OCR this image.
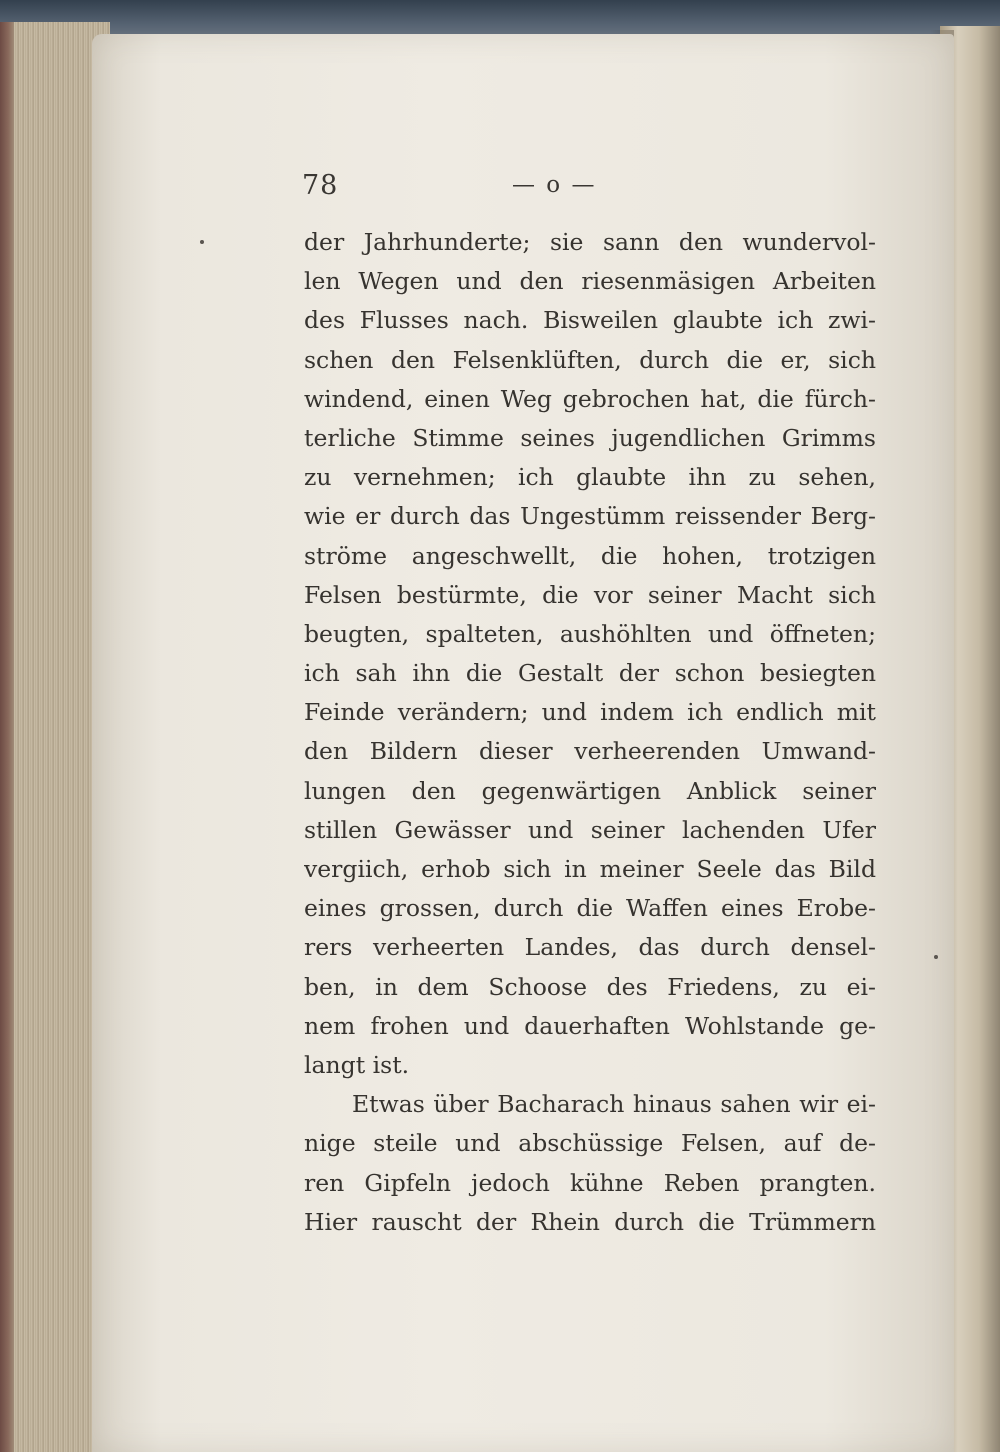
78	— o —
der Jahrhunderte; sie sann den wundervol-
len Wegen und den riesenmäsigen Arbeiten
des Flusses nach. Bisweilen glaubte ich zwi-
schen den Felsenklüften, durch die er, sich
windend, einen Weg gebrochen hat, die fürch-
terliche Stimme seines jugendlichen Grimms
zu vernehmen; ich glaubte ihn zu sehen,
wie er durch das Ungestümm reissender Berg-
ströme angeschwellt, die hohen, trotzigen
Felsen bestürmte, die vor seiner Macht sich
beugten, spalteten, aushöhlten und öffneten;
ich sah ihn die Gestalt der schon besiegten
Feinde verändern; und indem ich endlich mit
den Bildern dieser verheerenden Umwand-
lungen den gegenwärtigen Anblick seiner
stillen Gewässer und seiner lachenden Ufer
vergiich, erhob sich in meiner Seele das Bild
eines grossen, durch die Waffen eines Erobe-
rers verheerten Landes, das durch densel-
ben, in dem Schoose des Friedens, zu ei-
nem frohen und dauerhaften Wohlstande ge-
langt ist.
Etwas über Bacharach hinaus sahen wir ei-
nige steile und abschüssige Felsen, auf de-
ren Gipfeln jedoch kühne Reben prangten.
Hier rauscht der Rhein durch die Trümmern
